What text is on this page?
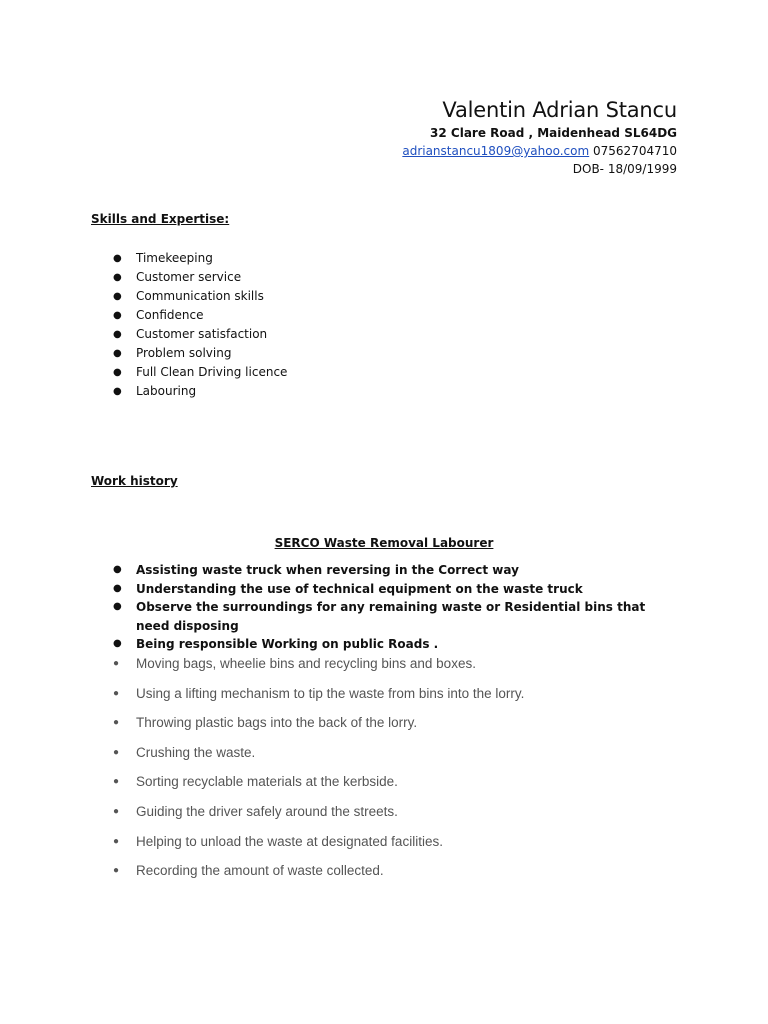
Valentin Adrian Stancu
32 Clare Road , Maidenhead SL64DG
adrianstancu1809@yahoo.com 07562704710
DOB- 18/09/1999
Skills and Expertise:
● Timekeeping
● Customer service
● Communication skills
● Confidence
● Customer satisfaction
● Problem solving
● Full Clean Driving licence
● Labouring
Work history
SERCO Waste Removal Labourer
● Assisting waste truck when reversing in the Correct way
● Understanding the use of technical equipment on the waste truck
● Observe the surroundings for any remaining waste or Residential bins that need disposing
● Being responsible Working on public Roads .
● Moving bags, wheelie bins and recycling bins and boxes.
● Using a lifting mechanism to tip the waste from bins into the lorry.
● Throwing plastic bags into the back of the lorry.
● Crushing the waste.
● Sorting recyclable materials at the kerbside.
● Guiding the driver safely around the streets.
● Helping to unload the waste at designated facilities.
● Recording the amount of waste collected.
